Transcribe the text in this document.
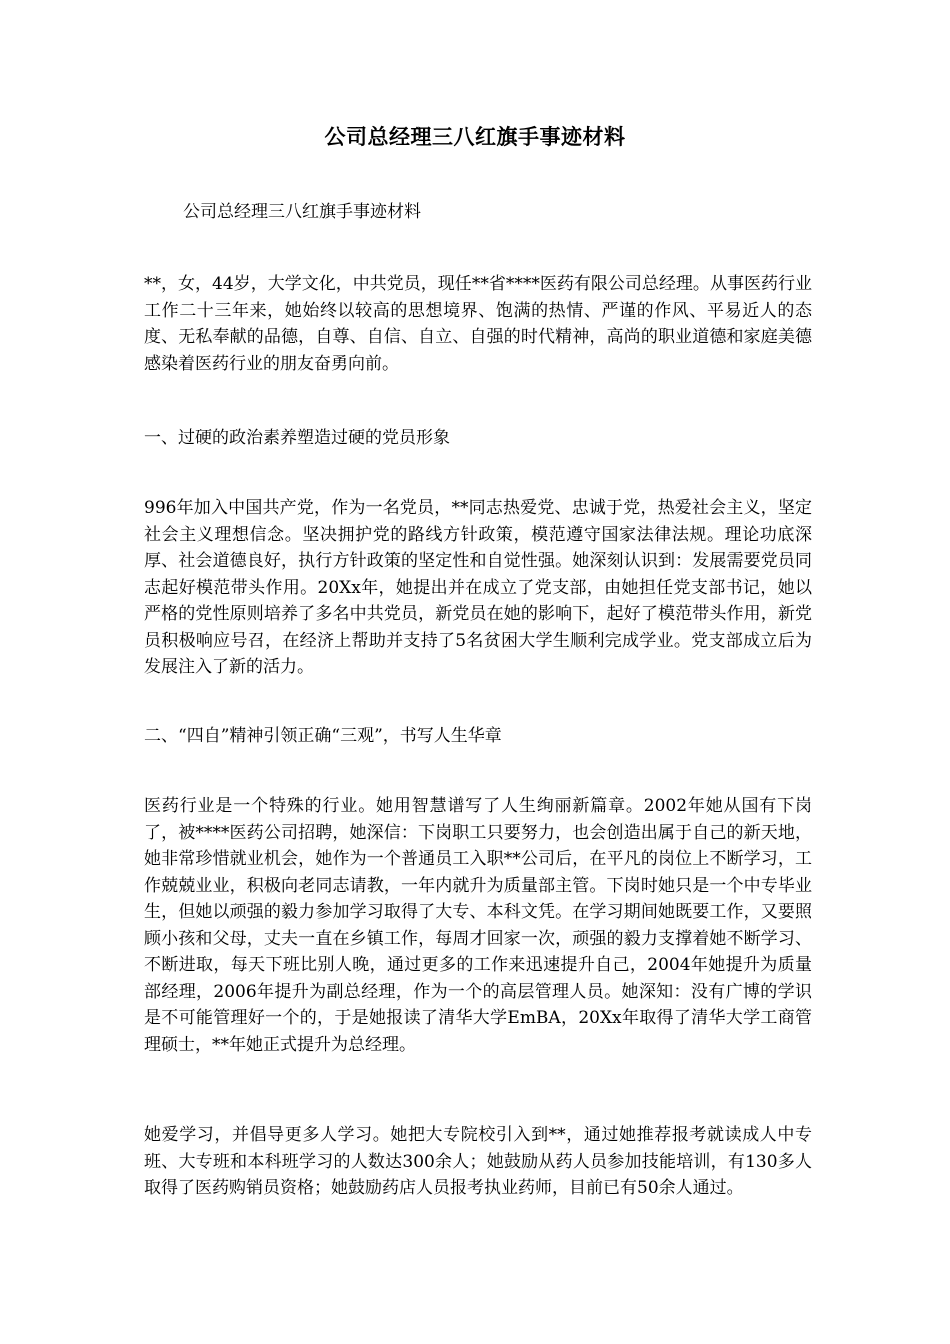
公司总经理三八红旗手事迹材料
公司总经理三八红旗手事迹材料
**，女，44岁，大学文化，中共党员，现任**省****医药有限公司总经理。从事医药行业工作二十三年来，她始终以较高的思想境界、饱满的热情、严谨的作风、平易近人的态度、无私奉献的品德，自尊、自信、自立、自强的时代精神，高尚的职业道德和家庭美德感染着医药行业的朋友奋勇向前。
一、过硬的政治素养塑造过硬的党员形象
996年加入中国共产党，作为一名党员，**同志热爱党、忠诚于党，热爱社会主义，坚定社会主义理想信念。坚决拥护党的路线方针政策，模范遵守国家法律法规。理论功底深厚、社会道德良好，执行方针政策的坚定性和自觉性强。她深刻认识到：发展需要党员同志起好模范带头作用。20Xx年，她提出并在成立了党支部，由她担任党支部书记，她以严格的党性原则培养了多名中共党员，新党员在她的影响下，起好了模范带头作用，新党员积极响应号召，在经济上帮助并支持了5名贫困大学生顺利完成学业。党支部成立后为发展注入了新的活力。
二、“四自”精神引领正确“三观”，书写人生华章
医药行业是一个特殊的行业。她用智慧谱写了人生绚丽新篇章。2002年她从国有下岗了，被****医药公司招聘，她深信：下岗职工只要努力，也会创造出属于自己的新天地，她非常珍惜就业机会，她作为一个普通员工入职**公司后，在平凡的岗位上不断学习，工作兢兢业业，积极向老同志请教，一年内就升为质量部主管。下岗时她只是一个中专毕业生，但她以顽强的毅力参加学习取得了大专、本科文凭。在学习期间她既要工作，又要照顾小孩和父母，丈夫一直在乡镇工作，每周才回家一次，顽强的毅力支撑着她不断学习、不断进取，每天下班比别人晚，通过更多的工作来迅速提升自己，2004年她提升为质量部经理，2006年提升为副总经理，作为一个的高层管理人员。她深知：没有广博的学识是不可能管理好一个的，于是她报读了清华大学EmBA，20Xx年取得了清华大学工商管理硕士，**年她正式提升为总经理。
她爱学习，并倡导更多人学习。她把大专院校引入到**，通过她推荐报考就读成人中专班、大专班和本科班学习的人数达300余人；她鼓励从药人员参加技能培训，有130多人取得了医药购销员资格；她鼓励药店人员报考执业药师，目前已有50余人通过。
